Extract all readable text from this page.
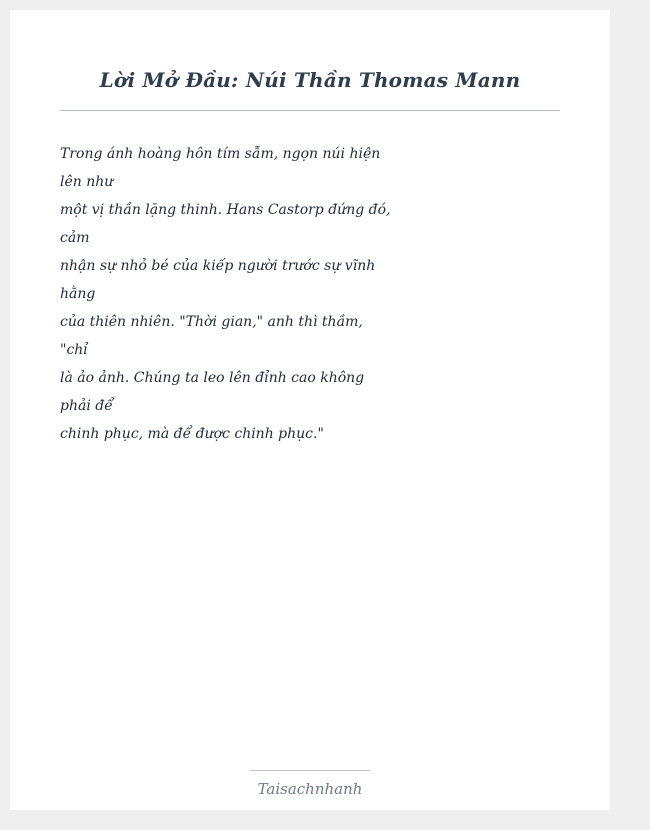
Lời Mở Đầu: Núi Thần Thomas Mann
Trong ánh hoàng hôn tím sẫm, ngọn núi hiện
lên như
một vị thần lặng thinh. Hans Castorp đứng đó,
cảm
nhận sự nhỏ bé của kiếp người trước sự vĩnh
hằng
của thiên nhiên. "Thời gian," anh thì thầm,
"chỉ
là ảo ảnh. Chúng ta leo lên đỉnh cao không
phải để
chinh phục, mà để được chinh phục."
Taisachnhanh
